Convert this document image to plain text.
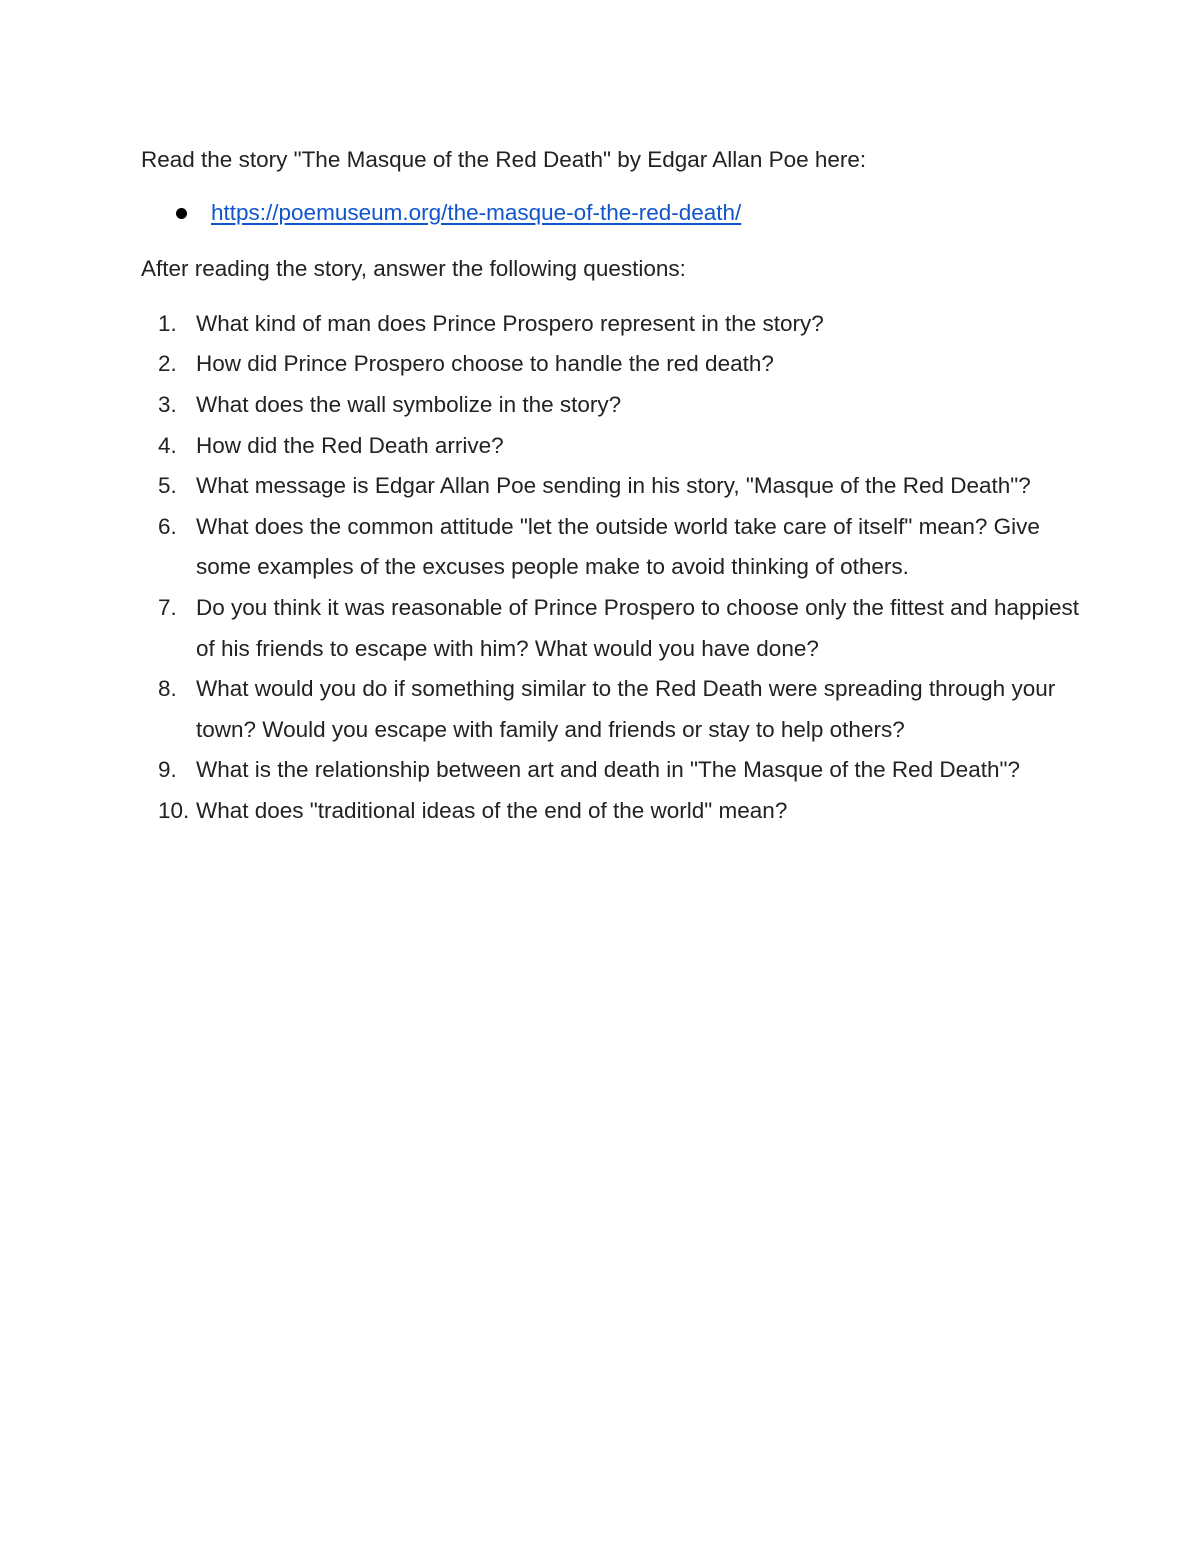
Read the story "The Masque of the Red Death" by Edgar Allan Poe here:

https://poemuseum.org/the-masque-of-the-red-death/

After reading the story, answer the following questions:

1. What kind of man does Prince Prospero represent in the story?
2. How did Prince Prospero choose to handle the red death?
3. What does the wall symbolize in the story?
4. How did the Red Death arrive?
5. What message is Edgar Allan Poe sending in his story, "Masque of the Red Death"?
6. What does the common attitude "let the outside world take care of itself" mean? Give some examples of the excuses people make to avoid thinking of others.
7. Do you think it was reasonable of Prince Prospero to choose only the fittest and happiest of his friends to escape with him? What would you have done?
8. What would you do if something similar to the Red Death were spreading through your town? Would you escape with family and friends or stay to help others?
9. What is the relationship between art and death in "The Masque of the Red Death"?
10. What does "traditional ideas of the end of the world" mean?
